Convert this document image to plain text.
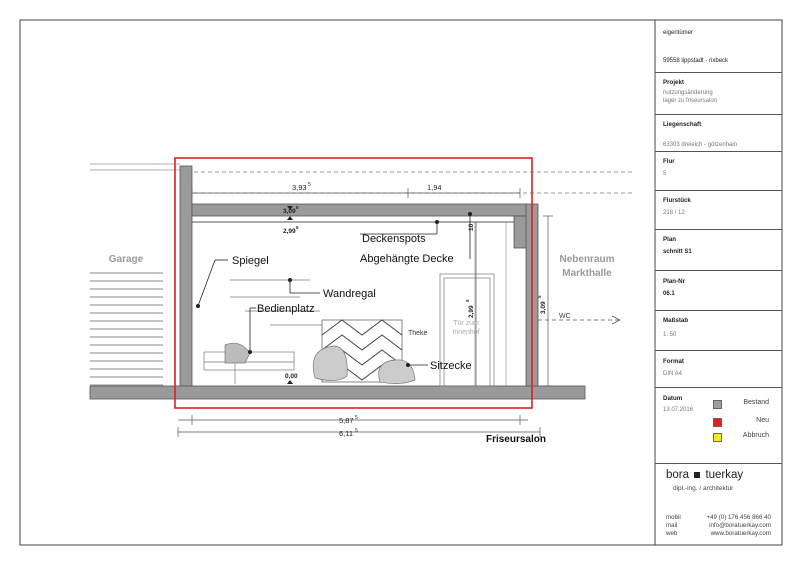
Garage	Nebenraum
Markthalle
WC
Spiegel
Wandregal
Bedienplatz
Deckenspots
Abgehängte Decke
Sitzecke
Theke
Tür zum
Innenhof
Friseursalon
3,93 5	1,94
3,09
5
2,99
5
0,00
5,87 5
6,11 5
2,99
5
3,09
5
10
eigentümer
59558 lippstadt - rixbeck
Projekt
nutzungsänderung
lager zu friseursalon
Liegenschaft
63303 dreieich - götzenhain
Flur
5
Flurstück
218 / 12
Plan
schnitt S1
Plan-Nr
06.1
Maßstab
1: 50
Format
DIN A4
Datum
13.07.2016
Bestand
Neu
Abbruch
bora tuerkay
dipl.-ing. / architektur
mobil	+49 (0) 176 456 866 40
mail	info@boratuerkay.com
web	www.boratuerkay.com
